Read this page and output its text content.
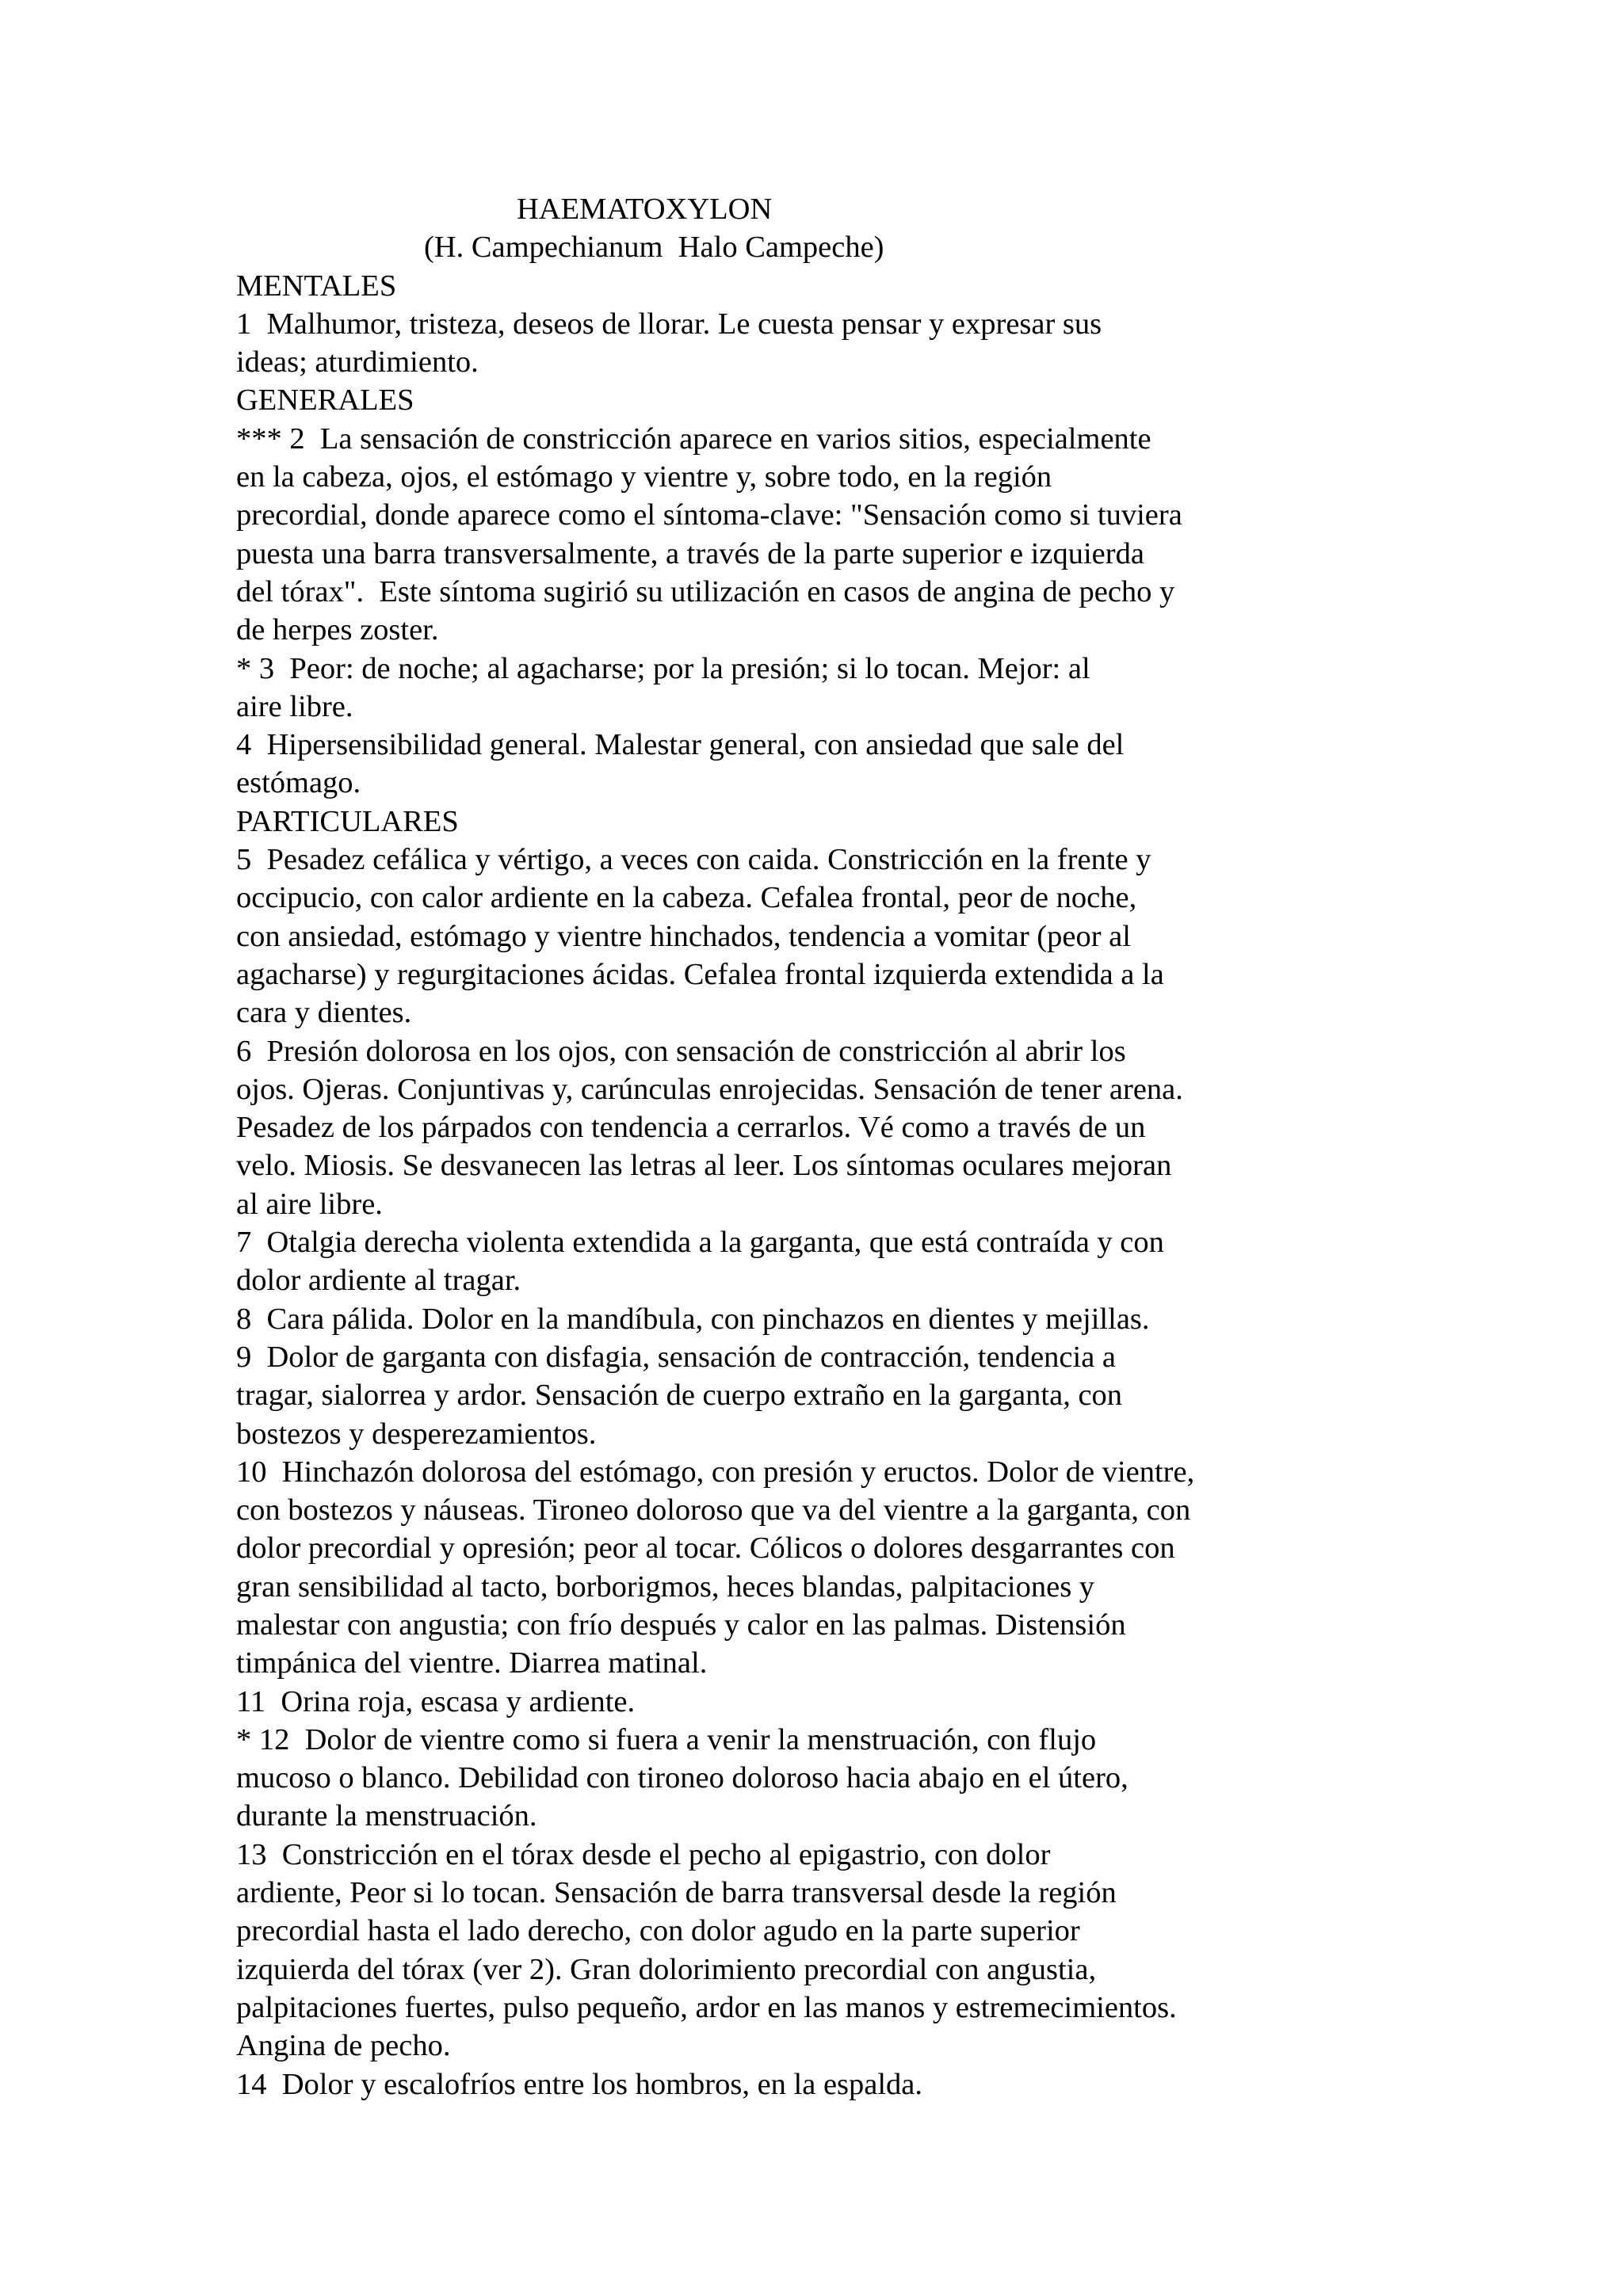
HAEMATOXYLON
(H. Campechianum  Halo Campeche)
MENTALES
1  Malhumor, tristeza, deseos de llorar. Le cuesta pensar y expresar sus
ideas; aturdimiento.
GENERALES
*** 2  La sensación de constricción aparece en varios sitios, especialmente
en la cabeza, ojos, el estómago y vientre y, sobre todo, en la región
precordial, donde aparece como el síntoma-clave: "Sensación como si tuviera
puesta una barra transversalmente, a través de la parte superior e izquierda
del tórax".  Este síntoma sugirió su utilización en casos de angina de pecho y
de herpes zoster.
* 3  Peor: de noche; al agacharse; por la presión; si lo tocan. Mejor: al
aire libre.
4  Hipersensibilidad general. Malestar general, con ansiedad que sale del
estómago.
PARTICULARES
5  Pesadez cefálica y vértigo, a veces con caida. Constricción en la frente y
occipucio, con calor ardiente en la cabeza. Cefalea frontal, peor de noche,
con ansiedad, estómago y vientre hinchados, tendencia a vomitar (peor al
agacharse) y regurgitaciones ácidas. Cefalea frontal izquierda extendida a la
cara y dientes.
6  Presión dolorosa en los ojos, con sensación de constricción al abrir los
ojos. Ojeras. Conjuntivas y, carúnculas enrojecidas. Sensación de tener arena.
Pesadez de los párpados con tendencia a cerrarlos. Vé como a través de un
velo. Miosis. Se desvanecen las letras al leer. Los síntomas oculares mejoran
al aire libre.
7  Otalgia derecha violenta extendida a la garganta, que está contraída y con
dolor ardiente al tragar.
8  Cara pálida. Dolor en la mandíbula, con pinchazos en dientes y mejillas.
9  Dolor de garganta con disfagia, sensación de contracción, tendencia a
tragar, sialorrea y ardor. Sensación de cuerpo extraño en la garganta, con
bostezos y desperezamientos.
10  Hinchazón dolorosa del estómago, con presión y eructos. Dolor de vientre,
con bostezos y náuseas. Tironeo doloroso que va del vientre a la garganta, con
dolor precordial y opresión; peor al tocar. Cólicos o dolores desgarrantes con
gran sensibilidad al tacto, borborigmos, heces blandas, palpitaciones y
malestar con angustia; con frío después y calor en las palmas. Distensión
timpánica del vientre. Diarrea matinal.
11  Orina roja, escasa y ardiente.
* 12  Dolor de vientre como si fuera a venir la menstruación, con flujo
mucoso o blanco. Debilidad con tironeo doloroso hacia abajo en el útero,
durante la menstruación.
13  Constricción en el tórax desde el pecho al epigastrio, con dolor
ardiente, Peor si lo tocan. Sensación de barra transversal desde la región
precordial hasta el lado derecho, con dolor agudo en la parte superior
izquierda del tórax (ver 2). Gran dolorimiento precordial con angustia,
palpitaciones fuertes, pulso pequeño, ardor en las manos y estremecimientos.
Angina de pecho.
14  Dolor y escalofríos entre los hombros, en la espalda.
